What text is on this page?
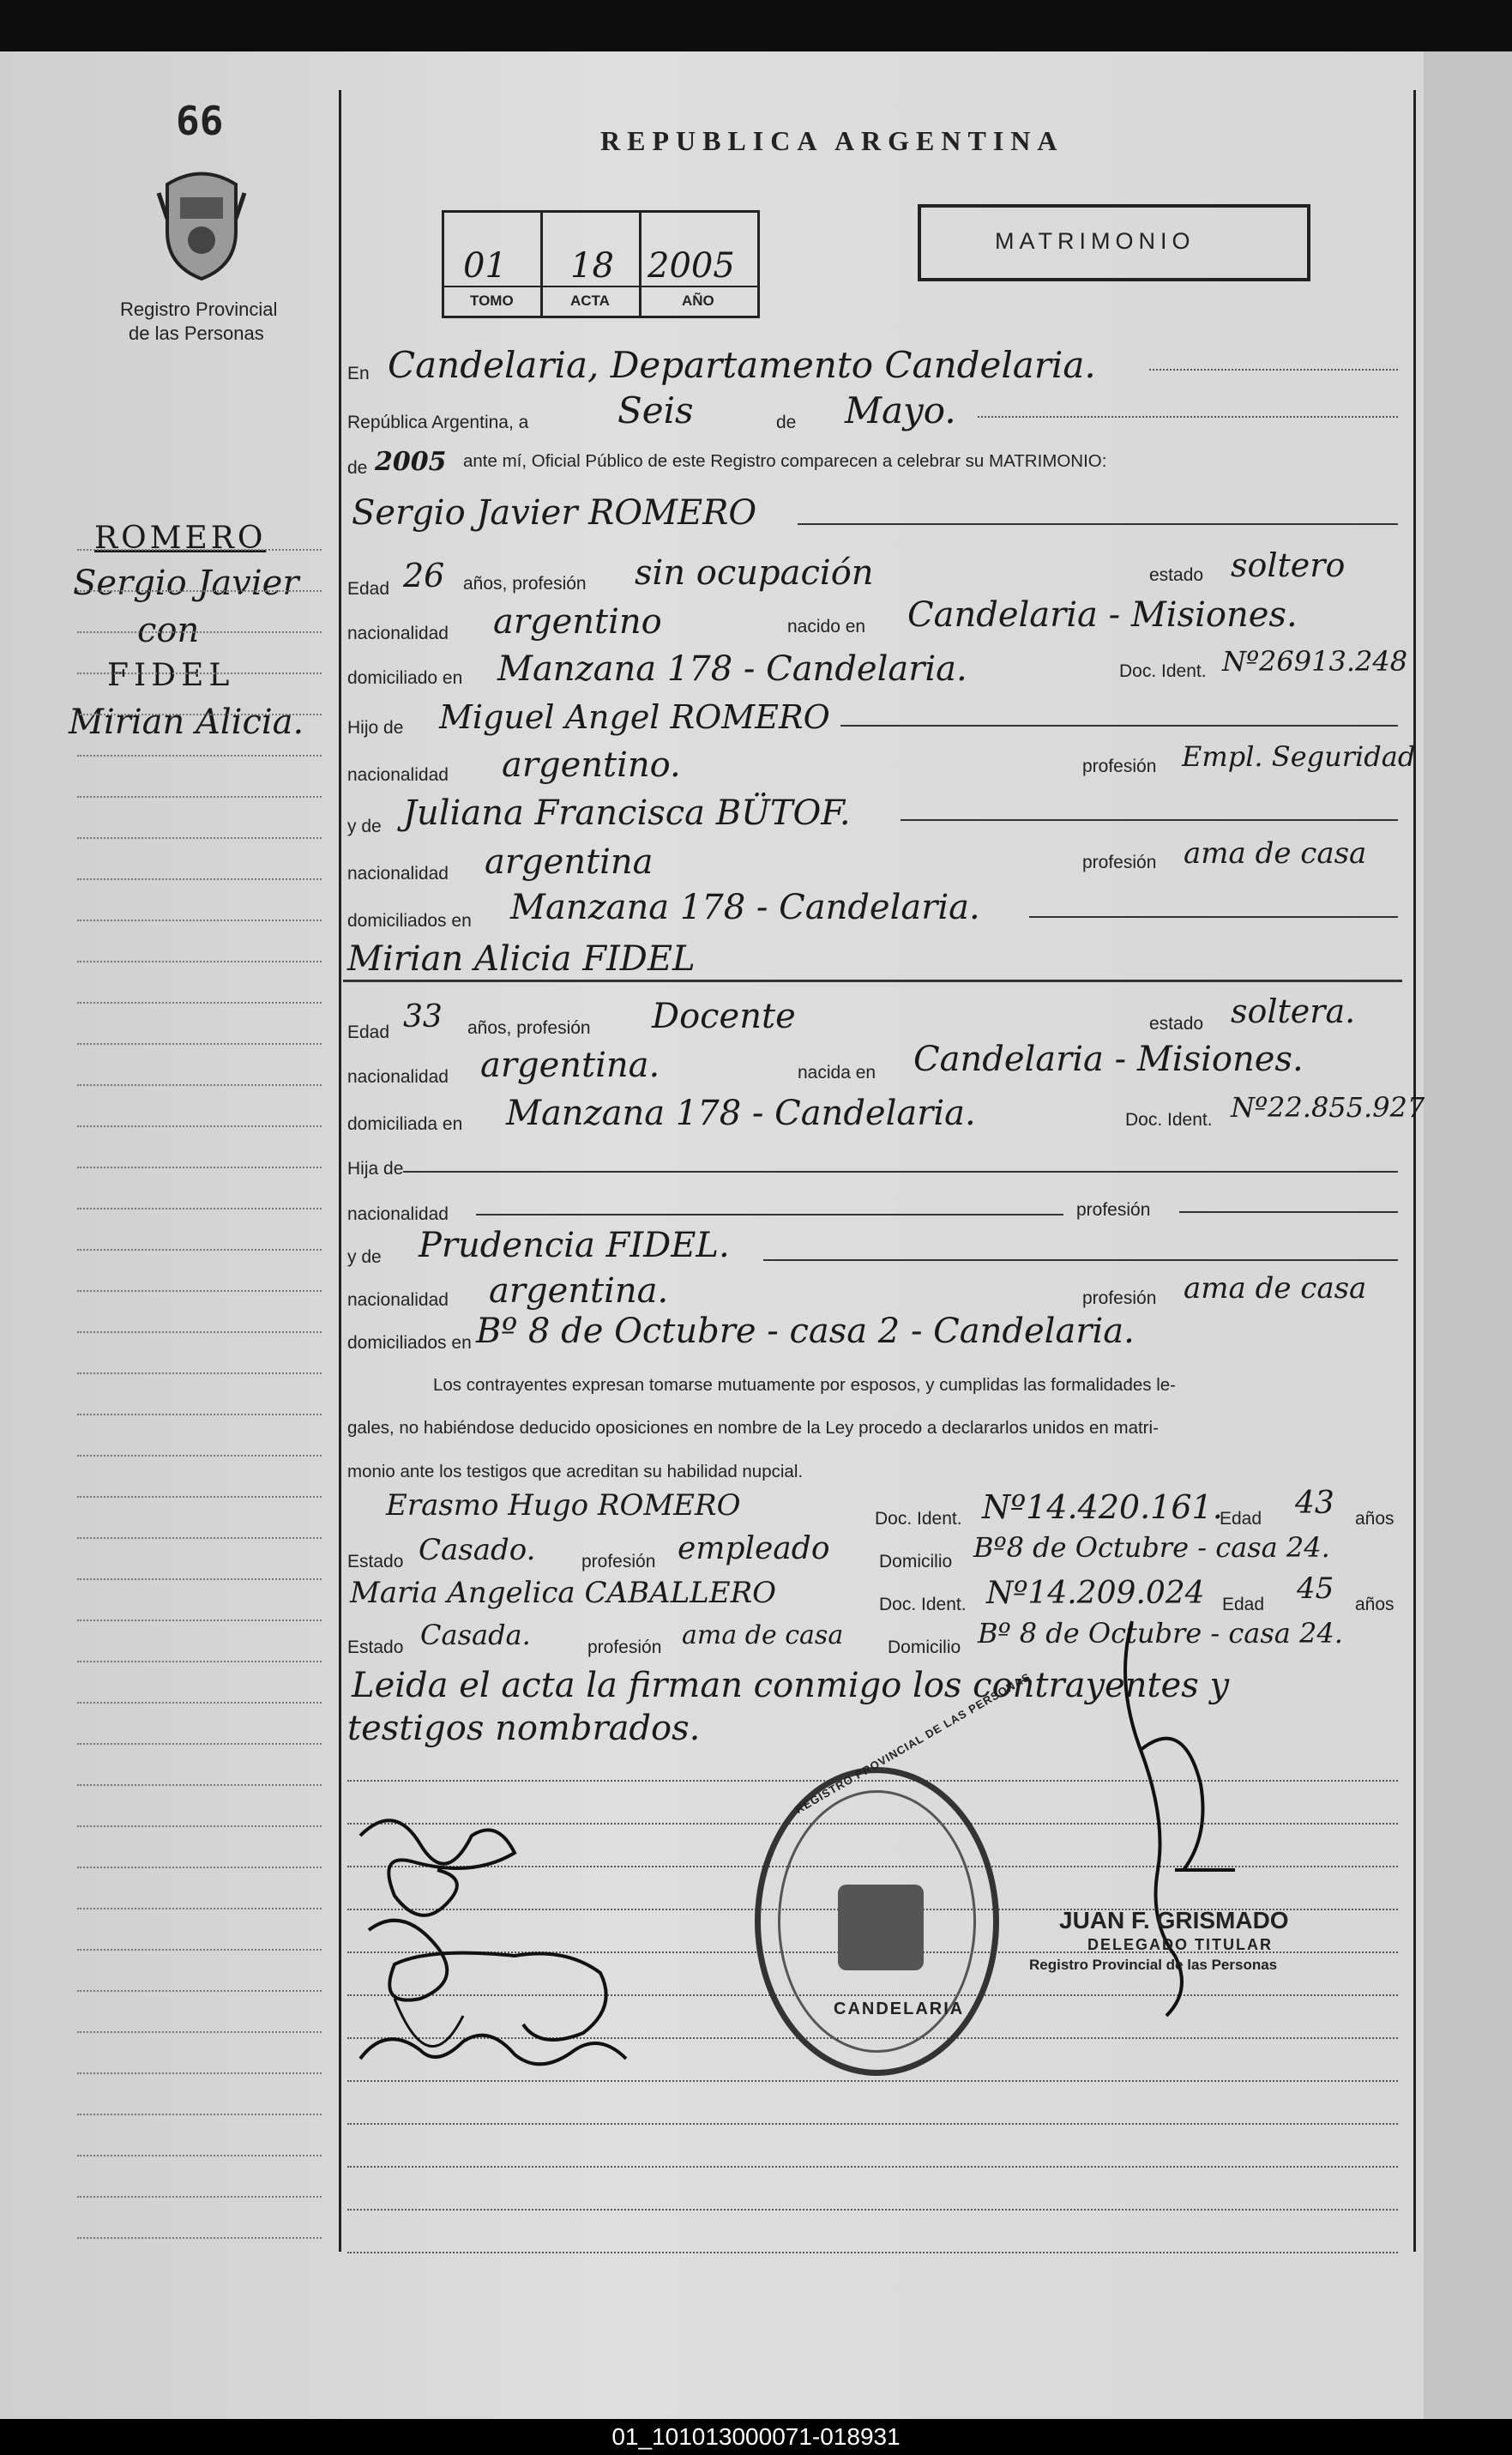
66
Registro Provincial
de las Personas
ROMERO
Sergio Javier
con
FIDEL
Mirian Alicia.
REPUBLICA ARGENTINA
01 18 2005
TOMO	ACTA	AÑO
MATRIMONIO
En Candelaria, Departamento Candelaria.
República Argentina, a Seis	de Mayo.
de 2005 ante mí, Oficial Público de este Registro comparecen a celebrar su MATRIMONIO:
Sergio Javier ROMERO
Edad 26 años, profesión sin ocupación	estado soltero
nacionalidad argentino	nacido en Candelaria - Misiones.
domiciliado en Manzana 178 - Candelaria.	Doc. Ident. Nº26913.248
Hijo de Miguel Angel ROMERO
nacionalidad argentino.	profesión Empl. Seguridad
y de Juliana Francisca BÜTOF.
nacionalidad argentina	profesión ama de casa
domiciliados en Manzana 178 - Candelaria.
Mirian Alicia FIDEL
Edad 33 años, profesión Docente	estado soltera.
nacionalidad argentina.	nacida en Candelaria - Misiones.
domiciliada en Manzana 178 - Candelaria.	Doc. Ident. Nº22.855.927
Hija de
nacionalidad	profesión
y de Prudencia FIDEL.
nacionalidad argentina.	profesión ama de casa
domiciliados en Bº 8 de Octubre - casa 2 - Candelaria.
Los contrayentes expresan tomarse mutuamente por esposos, y cumplidas las formalidades le-
gales, no habiéndose deducido oposiciones en nombre de la Ley procedo a declararlos unidos en matri-
monio ante los testigos que acreditan su habilidad nupcial.
Erasmo Hugo ROMERO	Doc. Ident. Nº14.420.161.
Edad 43 años
Estado Casado.	profesión empleado	Domicilio Bº8 de Octubre - casa 24.
Maria Angelica CABALLERO	Doc. Ident. Nº14.209.024 Edad 45 años
Estado Casada.	profesión ama de casa Domicilio Bº 8 de Octubre - casa 24.
Leida el acta la firman conmigo los contrayentes y
testigos nombrados.	REGISTRO PROVINCIAL DE LAS PERSONAS
CANDELARIA
JUAN F. GRISMADO
DELEGADO TITULAR
Registro Provincial de las Personas
01_101013000071-018931
